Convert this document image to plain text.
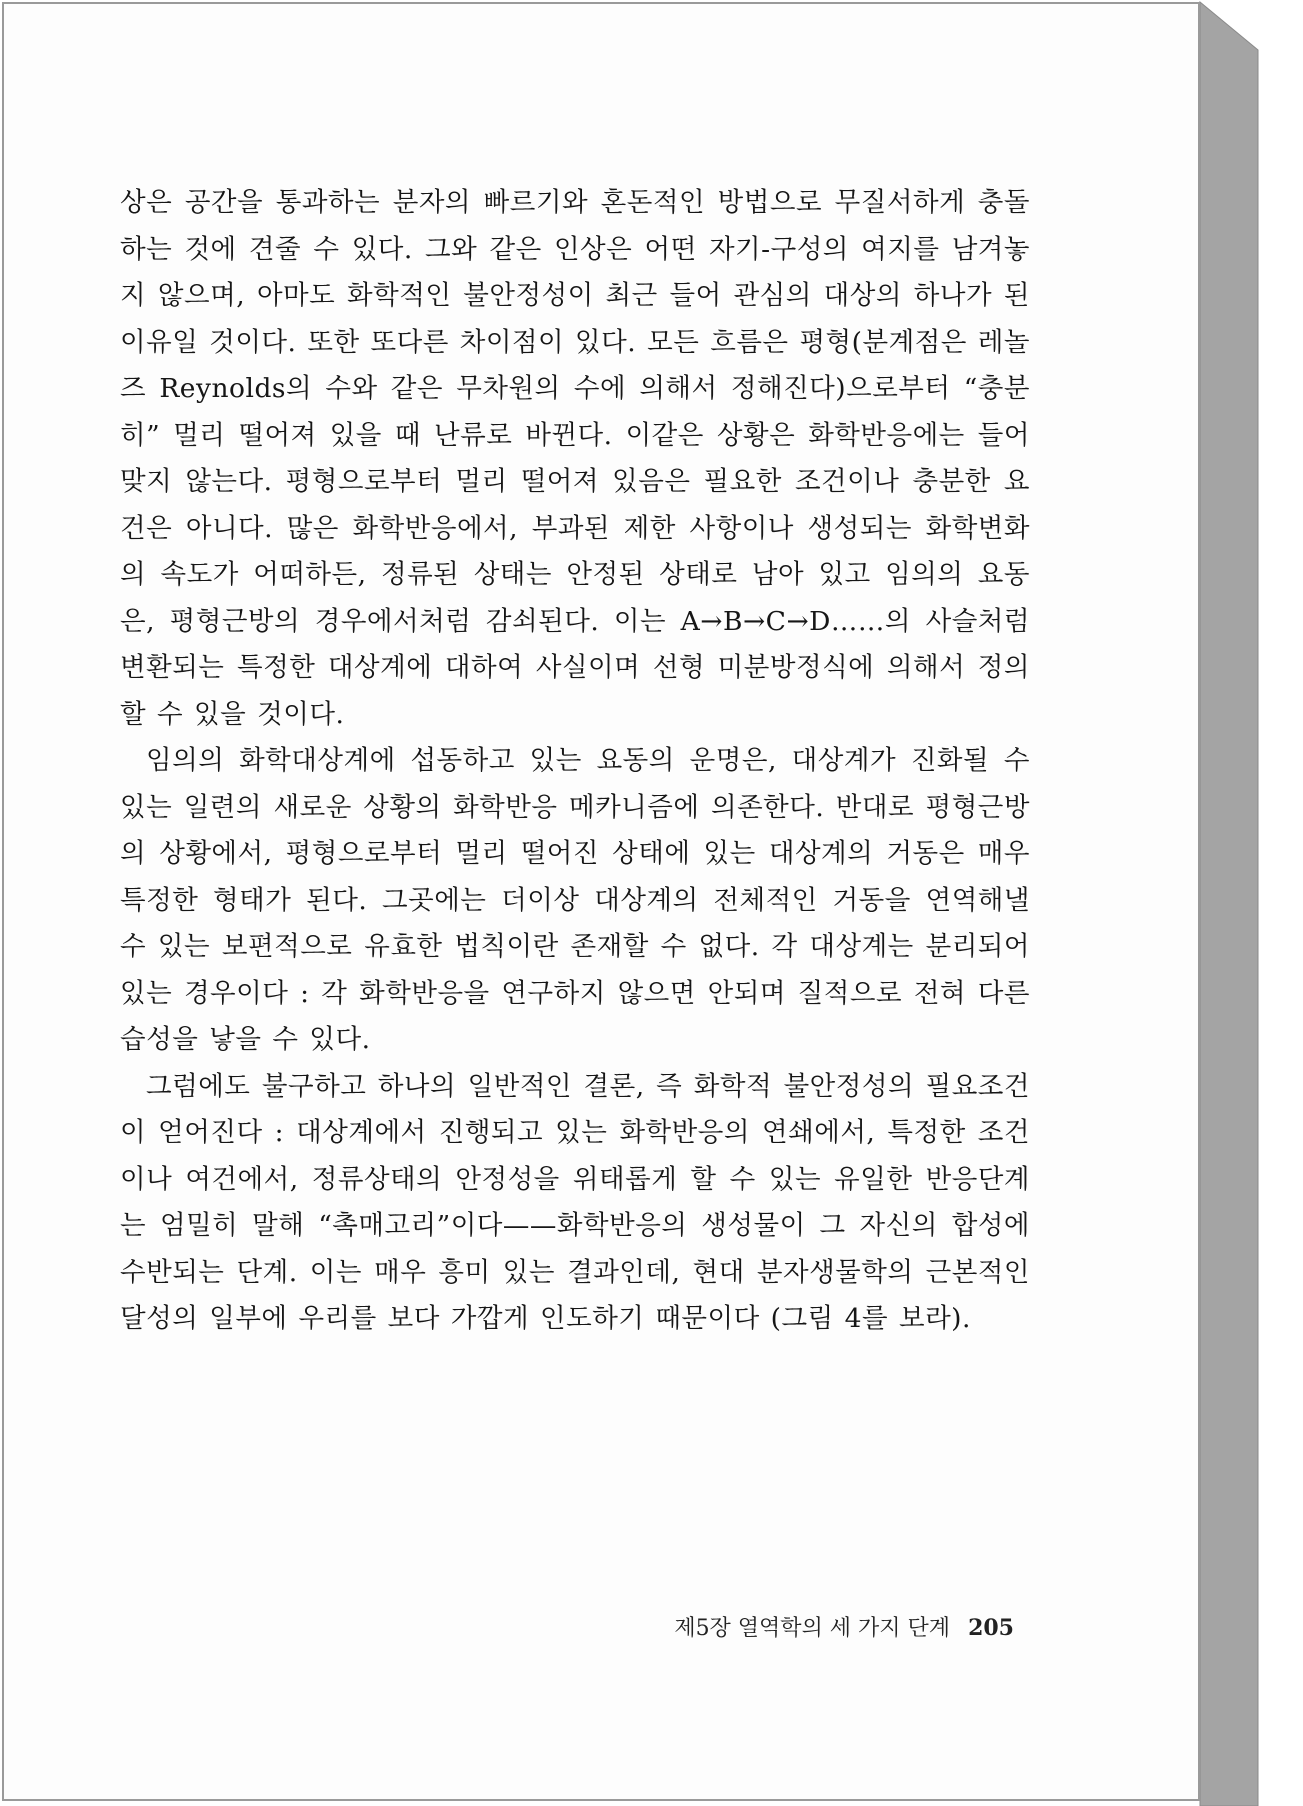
상은 공간을 통과하는 분자의 빠르기와 혼돈적인 방법으로 무질서하게 충돌하는 것에 견줄 수 있다. 그와 같은 인상은 어떤 자기-구성의 여지를 남겨놓지 않으며, 아마도 화학적인 불안정성이 최근 들어 관심의 대상의 하나가 된 이유일 것이다. 또한 또다른 차이점이 있다. 모든 흐름은 평형(분계점은 레놀즈 Reynolds의 수와 같은 무차원의 수에 의해서 정해진다)으로부터 “충분히” 멀리 떨어져 있을 때 난류로 바뀐다. 이같은 상황은 화학반응에는 들어맞지 않는다. 평형으로부터 멀리 떨어져 있음은 필요한 조건이나 충분한 요건은 아니다. 많은 화학반응에서, 부과된 제한 사항이나 생성되는 화학변화의 속도가 어떠하든, 정류된 상태는 안정된 상태로 남아 있고 임의의 요동은, 평형근방의 경우에서처럼 감쇠된다. 이는 A→B→C→D……의 사슬처럼 변환되는 특정한 대상계에 대하여 사실이며 선형 미분방정식에 의해서 정의할 수 있을 것이다.

임의의 화학대상계에 섭동하고 있는 요동의 운명은, 대상계가 진화될 수 있는 일련의 새로운 상황의 화학반응 메카니즘에 의존한다. 반대로 평형근방의 상황에서, 평형으로부터 멀리 떨어진 상태에 있는 대상계의 거동은 매우 특정한 형태가 된다. 그곳에는 더이상 대상계의 전체적인 거동을 연역해낼 수 있는 보편적으로 유효한 법칙이란 존재할 수 없다. 각 대상계는 분리되어 있는 경우이다 : 각 화학반응을 연구하지 않으면 안되며 질적으로 전혀 다른 습성을 낳을 수 있다.

그럼에도 불구하고 하나의 일반적인 결론, 즉 화학적 불안정성의 필요조건이 얻어진다 : 대상계에서 진행되고 있는 화학반응의 연쇄에서, 특정한 조건이나 여건에서, 정류상태의 안정성을 위태롭게 할 수 있는 유일한 반응단계는 엄밀히 말해 “촉매고리”이다——화학반응의 생성물이 그 자신의 합성에 수반되는 단계. 이는 매우 흥미 있는 결과인데, 현대 분자생물학의 근본적인 달성의 일부에 우리를 보다 가깝게 인도하기 때문이다 (그림 4를 보라).

제5장 열역학의 세 가지 단계 205
